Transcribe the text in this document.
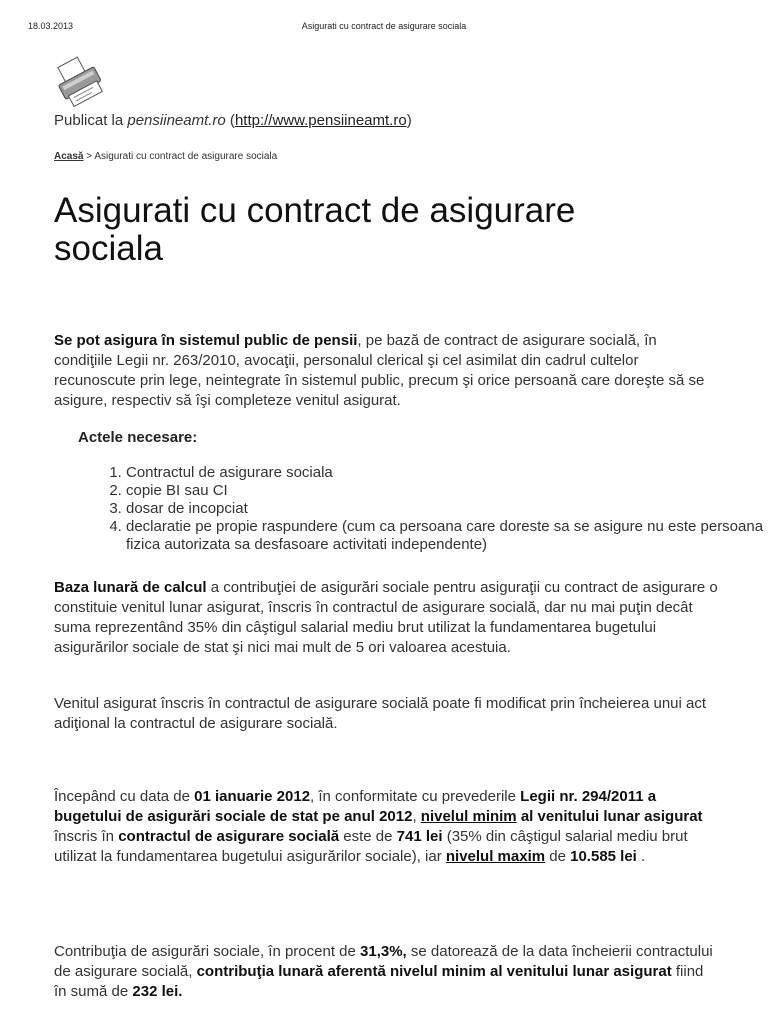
18.03.2013	Asigurati cu contract de asigurare sociala
Publicat la pensiineamt.ro (http://www.pensiineamt.ro)
Acasă > Asigurati cu contract de asigurare sociala
Asigurati cu contract de asigurare sociala

Se pot asigura în sistemul public de pensii, pe bază de contract de asigurare socială, în condiţiile Legii nr. 263/2010, avocaţii, personalul clerical şi cel asimilat din cadrul cultelor recunoscute prin lege, neintegrate în sistemul public, precum şi orice persoană care doreşte să se asigure, respectiv să îşi completeze venitul asigurat.

Actele necesare:
1. Contractul de asigurare sociala
2. copie BI sau CI
3. dosar de incopciat
4. declaratie pe propie raspundere (cum ca persoana care doreste sa se asigure nu este persoana fizica autorizata sa desfasoare activitati independente)

Baza lunară de calcul a contribuţiei de asigurări sociale pentru asiguraţii cu contract de asigurare o constituie venitul lunar asigurat, înscris în contractul de asigurare socială, dar nu mai puţin decât suma reprezentând 35% din câştigul salarial mediu brut utilizat la fundamentarea bugetului asigurărilor sociale de stat şi nici mai mult de 5 ori valoarea acestuia.

Venitul asigurat înscris în contractul de asigurare socială poate fi modificat prin încheierea unui act adiţional la contractul de asigurare socială.

Începând cu data de 01 ianuarie 2012, în conformitate cu prevederile Legii nr. 294/2011 a bugetului de asigurări sociale de stat pe anul 2012, nivelul minim al venitului lunar asigurat înscris în contractul de asigurare socială este de 741 lei (35% din câştigul salarial mediu brut utilizat la fundamentarea bugetului asigurărilor sociale), iar nivelul maxim de 10.585 lei .

Contribuţia de asigurări sociale, în procent de 31,3%, se datorează de la data încheierii contractului de asigurare socială, contribuţia lunară aferentă nivelul minim al venitului lunar asigurat fiind în sumă de 232 lei.
